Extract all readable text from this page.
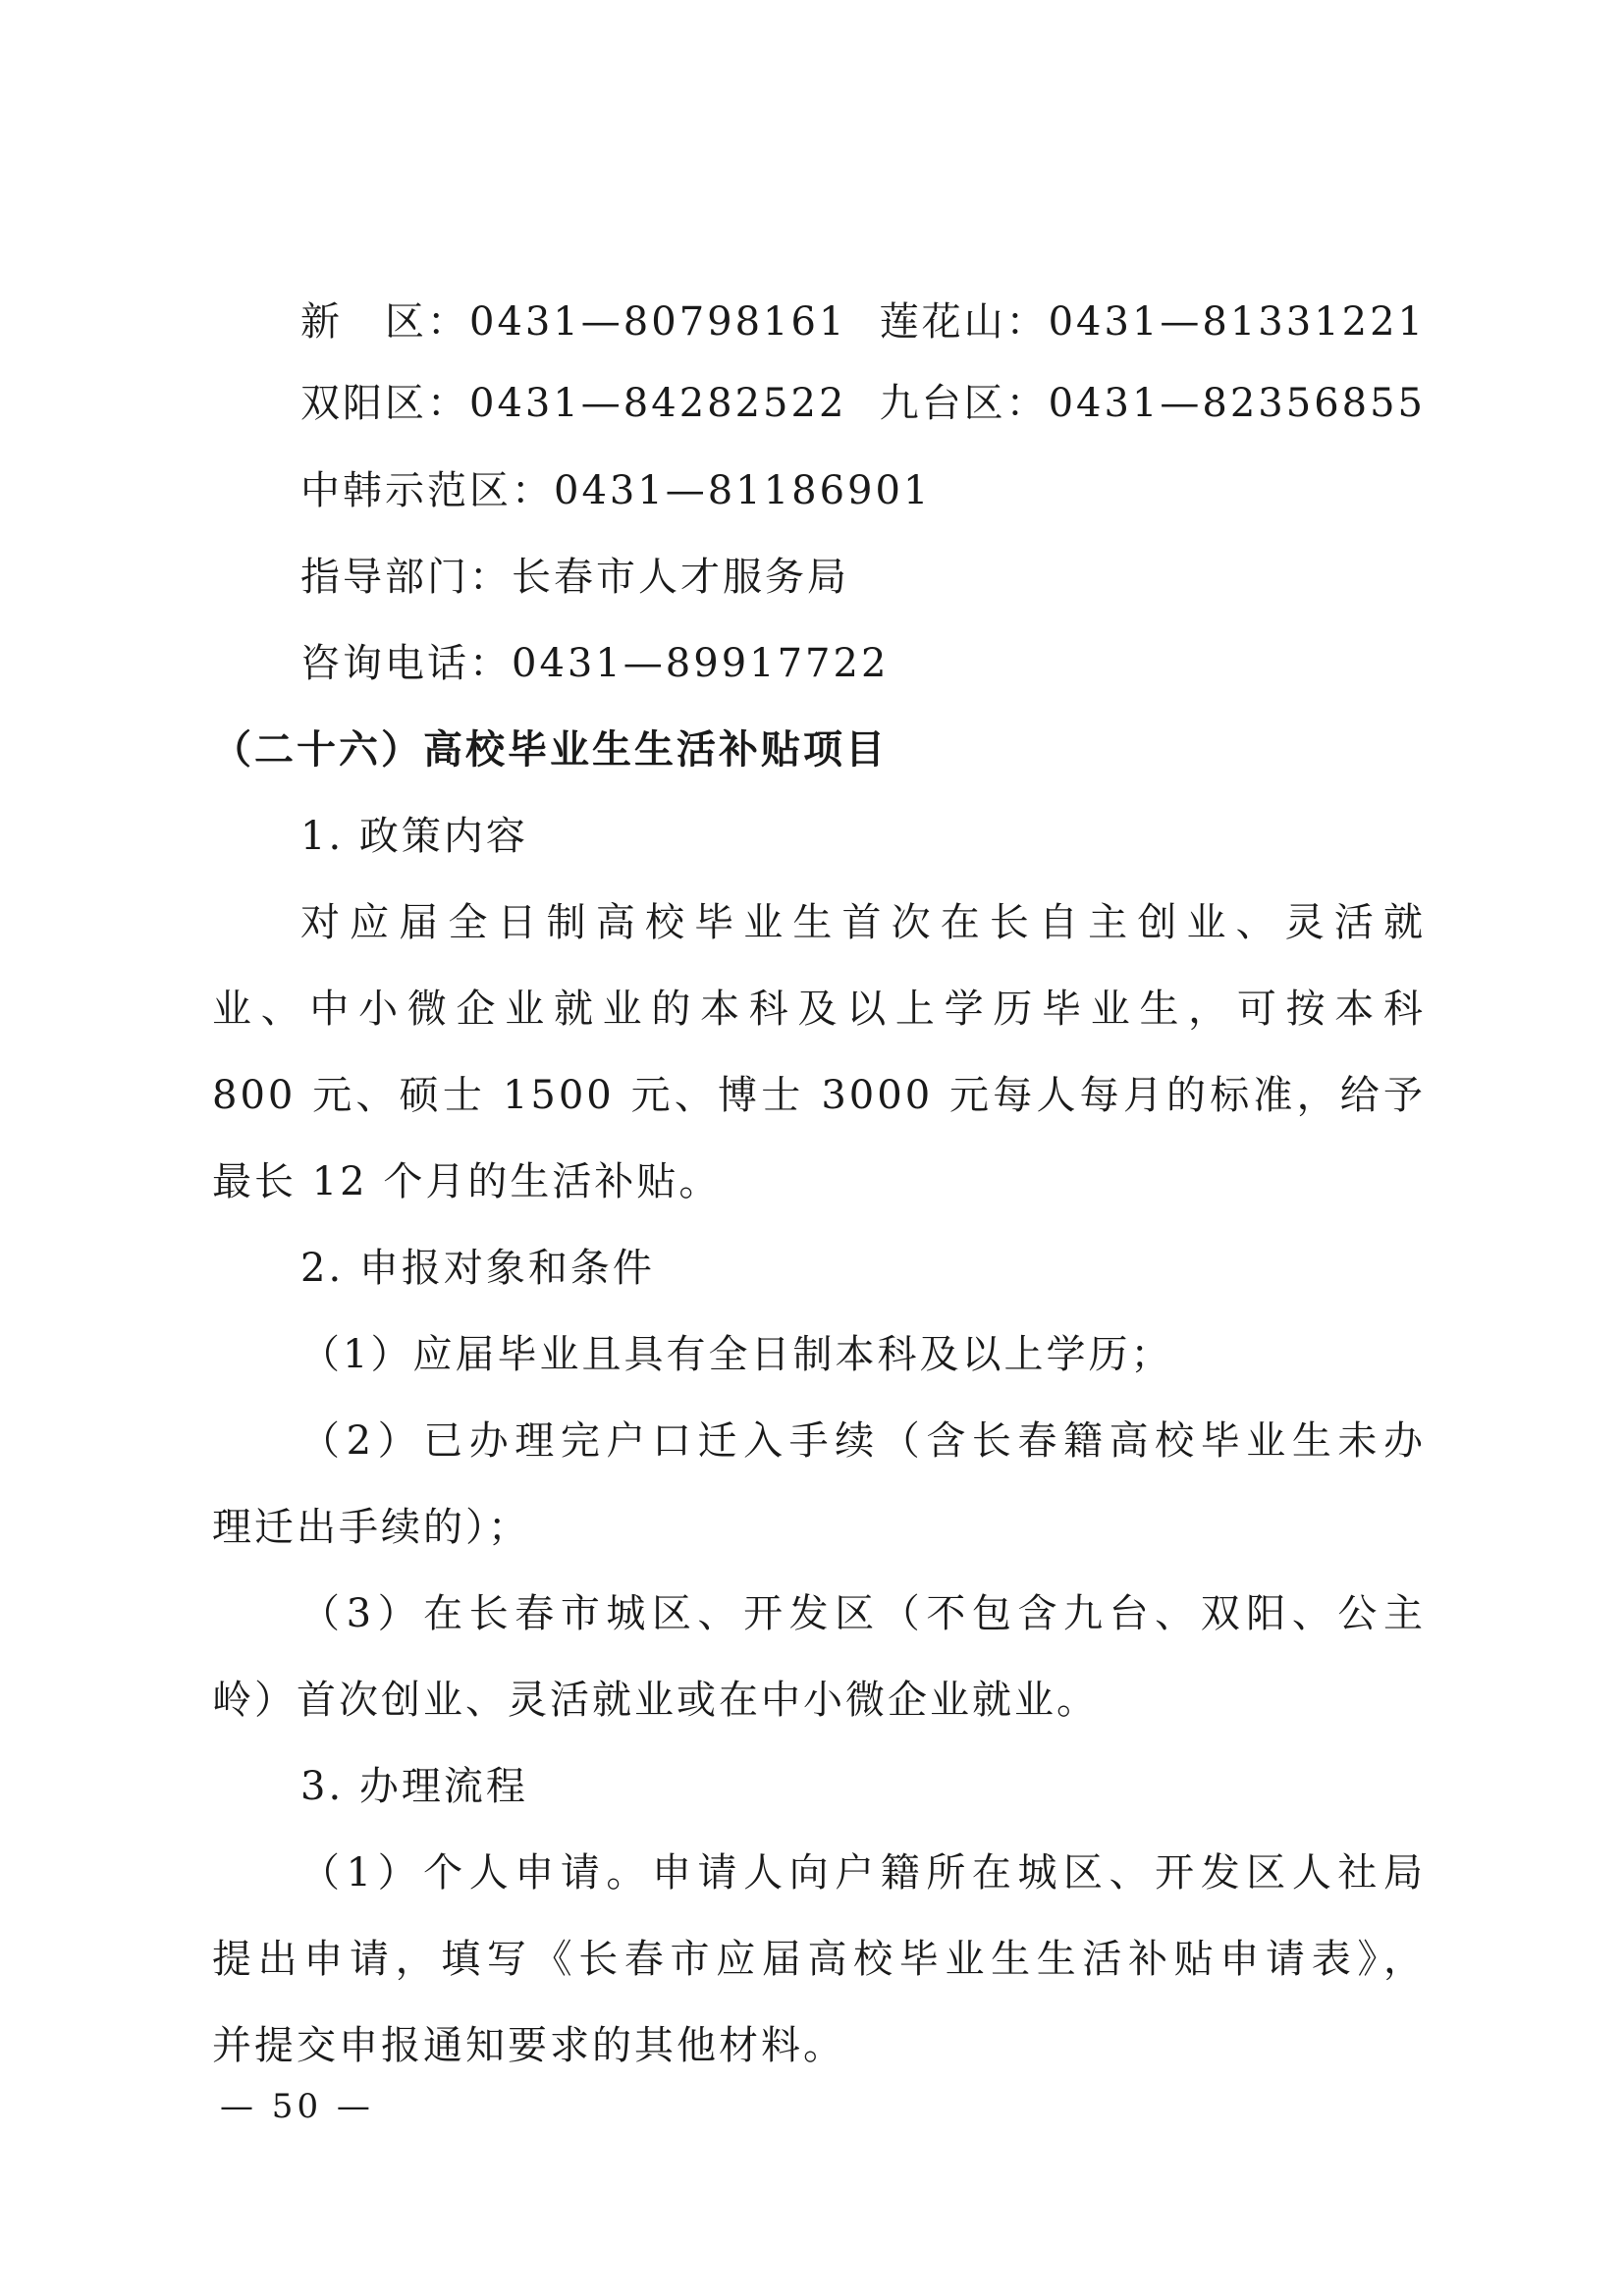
新　区：0431—80798161 莲花山：0431—81331221
双阳区：0431—84282522 九台区：0431—82356855
中韩示范区：0431—81186901
指导部门：长春市人才服务局
咨询电话：0431—89917722
（二十六）高校毕业生生活补贴项目
1. 政策内容
对应届全日制高校毕业生首次在长自主创业、灵活就
业、中小微企业就业的本科及以上学历毕业生，可按本科
800 元、硕士 1500 元、博士 3000 元每人每月的标准，给予
最长 12 个月的生活补贴。
2. 申报对象和条件
（1）应届毕业且具有全日制本科及以上学历；
（2）已办理完户口迁入手续（含长春籍高校毕业生未办
理迁出手续的）；
（3）在长春市城区、开发区（不包含九台、双阳、公主
岭）首次创业、灵活就业或在中小微企业就业。
3. 办理流程
（1）个人申请。申请人向户籍所在城区、开发区人社局
提出申请，填写《长春市应届高校毕业生生活补贴申请表》，
并提交申报通知要求的其他材料。
— 50 —
